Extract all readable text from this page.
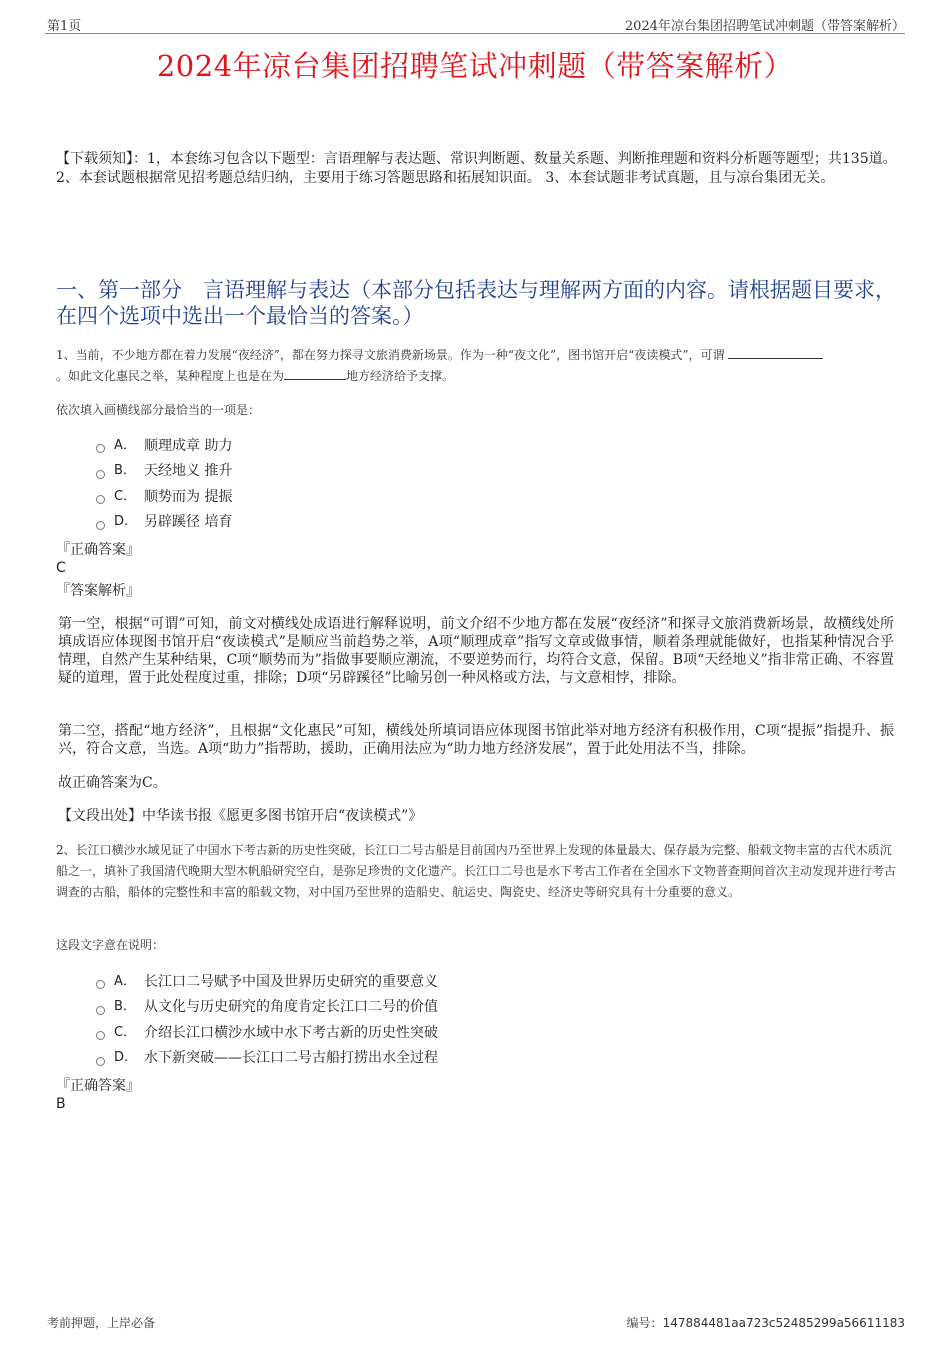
第1页	2024年凉台集团招聘笔试冲刺题（带答案解析）
2024年凉台集团招聘笔试冲刺题（带答案解析）
【下载须知】：1，本套练习包含以下题型：言语理解与表达题、常识判断题、数量关系题、判断推理题和资料分析题等题型；共135道。 2、本套试题根据常见招考题总结归纳，主要用于练习答题思路和拓展知识面。 3、本套试题非考试真题，且与凉台集团无关。
一、第一部分　言语理解与表达（本部分包括表达与理解两方面的内容。请根据题目要求，在四个选项中选出一个最恰当的答案。）
1、当前，不少地方都在着力发展“夜经济”，都在努力探寻文旅消费新场景。作为一种“夜文化”，图书馆开启“夜读模式”，可谓
。如此文化惠民之举，某种程度上也是在为	地方经济给予支撑。
依次填入画横线部分最恰当的一项是：
A． 顺理成章 助力
B． 天经地义 推升
C． 顺势而为 提振
D． 另辟蹊径 培育
『正确答案』
C
『答案解析』
第一空，根据“可谓”可知，前文对横线处成语进行解释说明，前文介绍不少地方都在发展“夜经济”和探寻文旅消费新场景，故横线处所填成语应体现图书馆开启“夜读模式”是顺应当前趋势之举，A项“顺理成章”指写文章或做事情，顺着条理就能做好，也指某种情况合乎情理，自然产生某种结果，C项“顺势而为”指做事要顺应潮流，不要逆势而行，均符合文意，保留。B项“天经地义”指非常正确、不容置疑的道理，置于此处程度过重，排除；D项“另辟蹊径”比喻另创一种风格或方法，与文意相悖，排除。
第二空，搭配“地方经济”，且根据“文化惠民”可知，横线处所填词语应体现图书馆此举对地方经济有积极作用，C项“提振”指提升、振兴，符合文意，当选。A项“助力”指帮助，援助，正确用法应为“助力地方经济发展”，置于此处用法不当，排除。
故正确答案为C。
【文段出处】中华读书报《愿更多图书馆开启“夜读模式”》
2、长江口横沙水域见证了中国水下考古新的历史性突破，长江口二号古船是目前国内乃至世界上发现的体量最大、保存最为完整、船载文物丰富的古代木质沉船之一，填补了我国清代晚期大型木帆船研究空白，是弥足珍贵的文化遗产。长江口二号也是水下考古工作者在全国水下文物普查期间首次主动发现并进行考古调查的古船，船体的完整性和丰富的船载文物，对中国乃至世界的造船史、航运史、陶瓷史、经济史等研究具有十分重要的意义。
这段文字意在说明：
A． 长江口二号赋予中国及世界历史研究的重要意义
B． 从文化与历史研究的角度肯定长江口二号的价值
C． 介绍长江口横沙水域中水下考古新的历史性突破
D． 水下新突破——长江口二号古船打捞出水全过程
『正确答案』
B
考前押题，上岸必备	编号：147884481aa723c52485299a56611183
